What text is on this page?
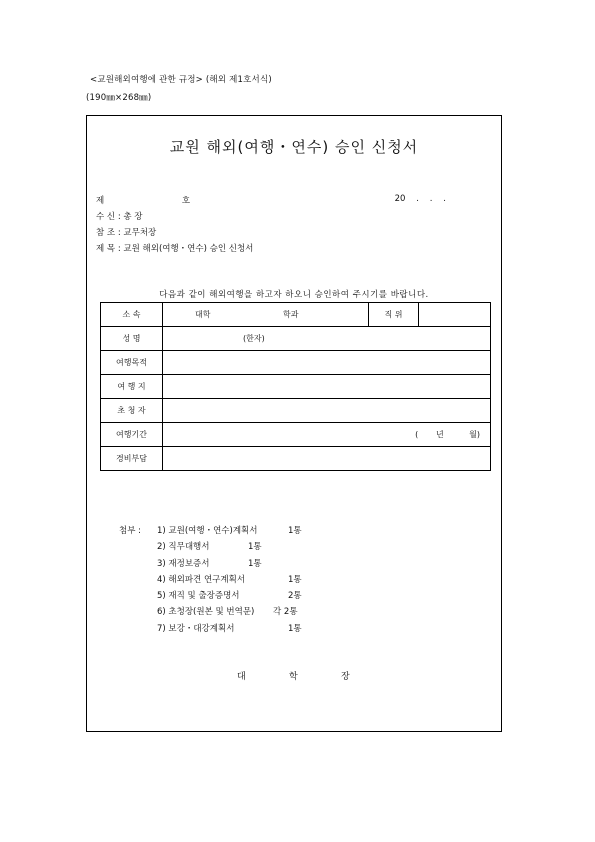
<교원해외여행에 관한 규정> (해외 제1호서식)
(190㎜×268㎜)
교원 해외(여행・연수) 승인 신청서
제	호	20    .    .    .
수 신 : 총 장
참 조 : 교무처장
제 목 : 교원 해외(여행・연수) 승인 신청서
다음과 같이 해외여행을 하고자 하오니 승인하여 주시기를 바랍니다.
소 속	대학 학과	직 위	
성 명	(한자)		
여행목적			
여 행 지			
초 청 자			
여행기간	(       년          월)		
경비부담			
첨부 : 1) 교원(여행・연수)계획서	1통
2) 직무대행서	1통
3) 재정보증서	1통
4) 해외파견 연구계획서	1통
5) 재직 및 출장증명서	2통
6) 초청장(원본 및 번역문) 각 2통
7) 보강・대강계획서	1통
대	학	장
